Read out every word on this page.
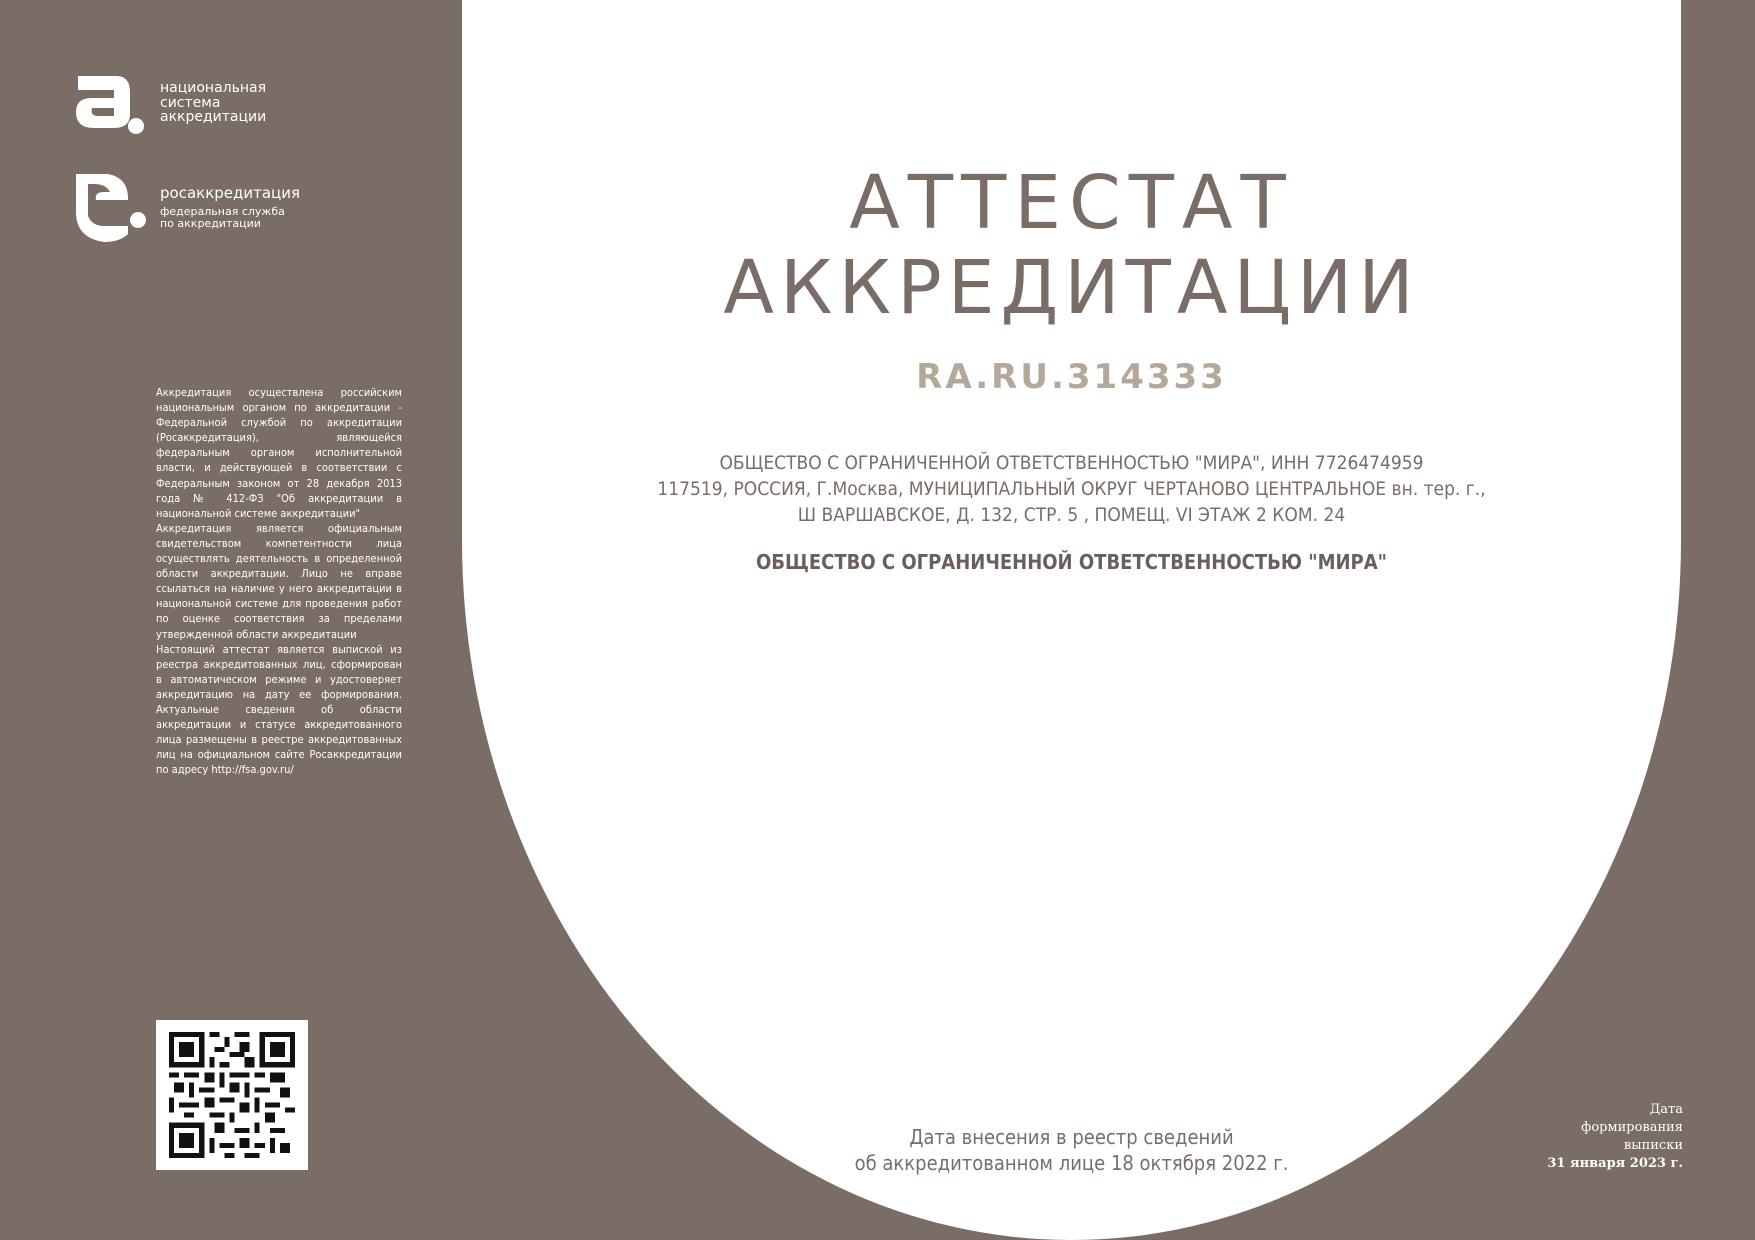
национальная
система
аккредитации
росаккредитация
федеральная служба
по аккредитации

Аккредитация осуществлена российским национальным органом по аккредитации - Федеральной службой по аккредитации (Росаккредитация), являющейся федеральным органом исполнительной власти, и действующей в соответствии с Федеральным законом от 28 декабря 2013 года № 412-ФЗ "Об аккредитации в национальной системе аккредитации"

Аккредитация является официальным свидетельством компетентности лица осуществлять деятельность в определенной области аккредитации. Лицо не вправе ссылаться на наличие у него аккредитации в национальной системе для проведения работ по оценке соответствия за пределами утвержденной области аккредитации

Настоящий аттестат является выпиской из реестра аккредитованных лиц, сформирован в автоматическом режиме и удостоверяет аккредитацию на дату ее формирования. Актуальные сведения об области аккредитации и статусе аккредитованного лица размещены в реестре аккредитованных лиц на официальном сайте Росаккредитации по адресу http://fsa.gov.ru/

АТТЕСТАТ
АККРЕДИТАЦИИ
RA.RU.314333
ОБЩЕСТВО С ОГРАНИЧЕННОЙ ОТВЕТСТВЕННОСТЬЮ "МИРА", ИНН 7726474959
117519, РОССИЯ, Г.Москва, МУНИЦИПАЛЬНЫЙ ОКРУГ ЧЕРТАНОВО ЦЕНТРАЛЬНОЕ вн. тер. г.,
Ш ВАРШАВСКОЕ, Д. 132, СТР. 5 , ПОМЕЩ. VI ЭТАЖ 2 КОМ. 24
ОБЩЕСТВО С ОГРАНИЧЕННОЙ ОТВЕТСТВЕННОСТЬЮ "МИРА"
Дата внесения в реестр сведений
об аккредитованном лице 18 октября 2022 г.
Дата
формирования
выписки
31 января 2023 г.
